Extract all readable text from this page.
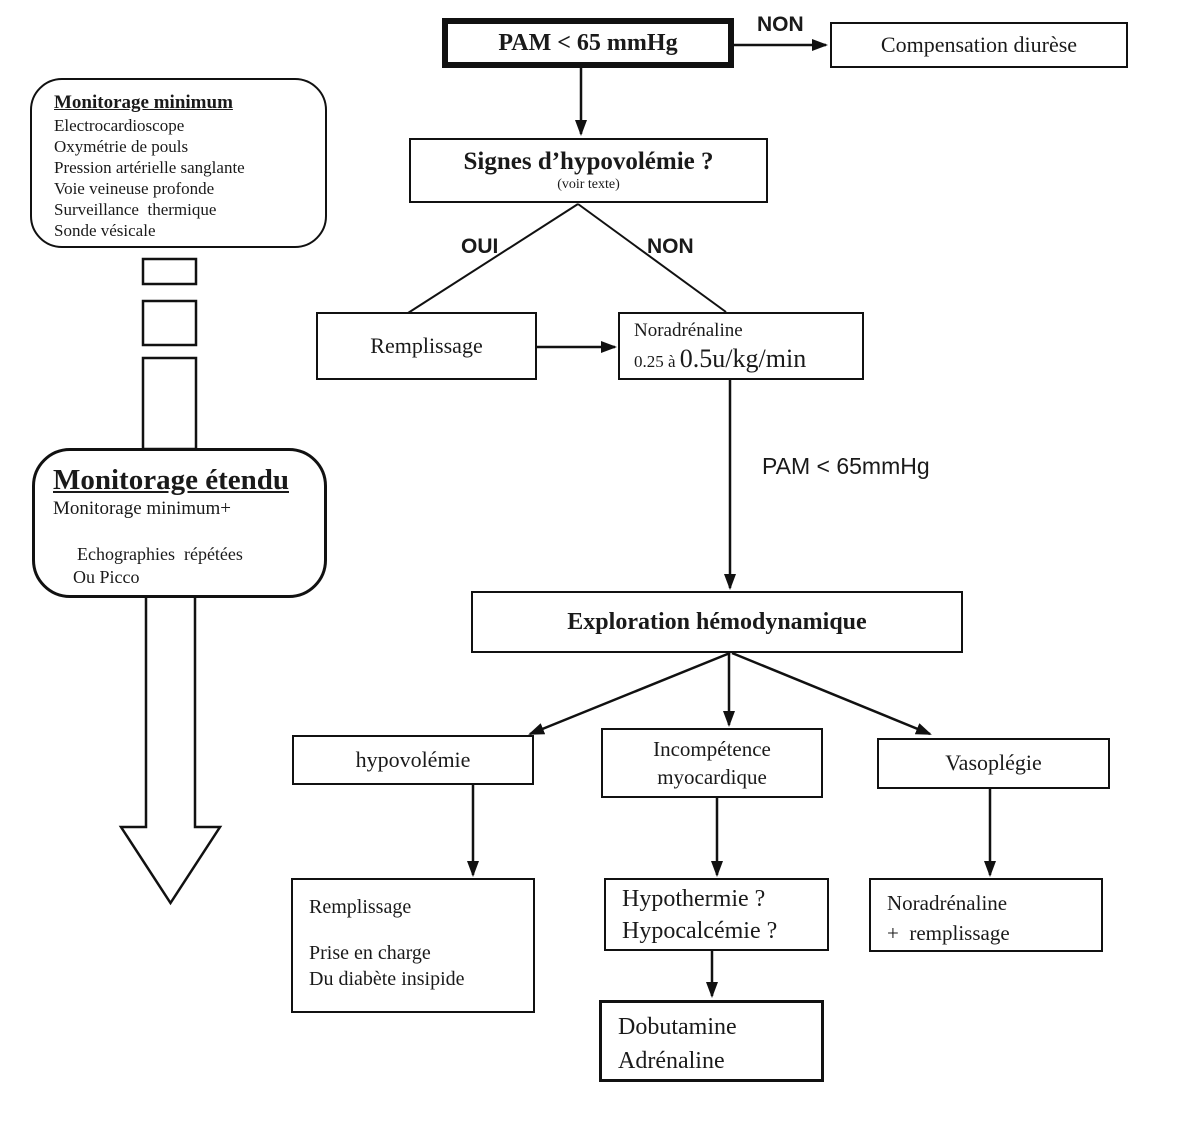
PAM < 65 mmHg
NON
Compensation diurèse
Signes d’hypovolémie ?
(voir texte)
OUI	NON
Remplissage
Noradrénaline
0.25 à 0.5u/kg/min
PAM < 65mmHg
Exploration hémodynamique
hypovolémie	Incompétence
myocardique
Vasoplégie
Remplissage
Prise en charge
Du diabète insipide
Hypothermie ?
Hypocalcémie ?
Noradrénaline
+  remplissage
Dobutamine
Adrénaline
Monitorage minimum
Electrocardioscope
Oxymétrie de pouls
Pression artérielle sanglante
Voie veineuse profonde
Surveillance  thermique
Sonde vésicale
Monitorage étendu
Monitorage minimum+
Echographies  répétées
Ou Picco
